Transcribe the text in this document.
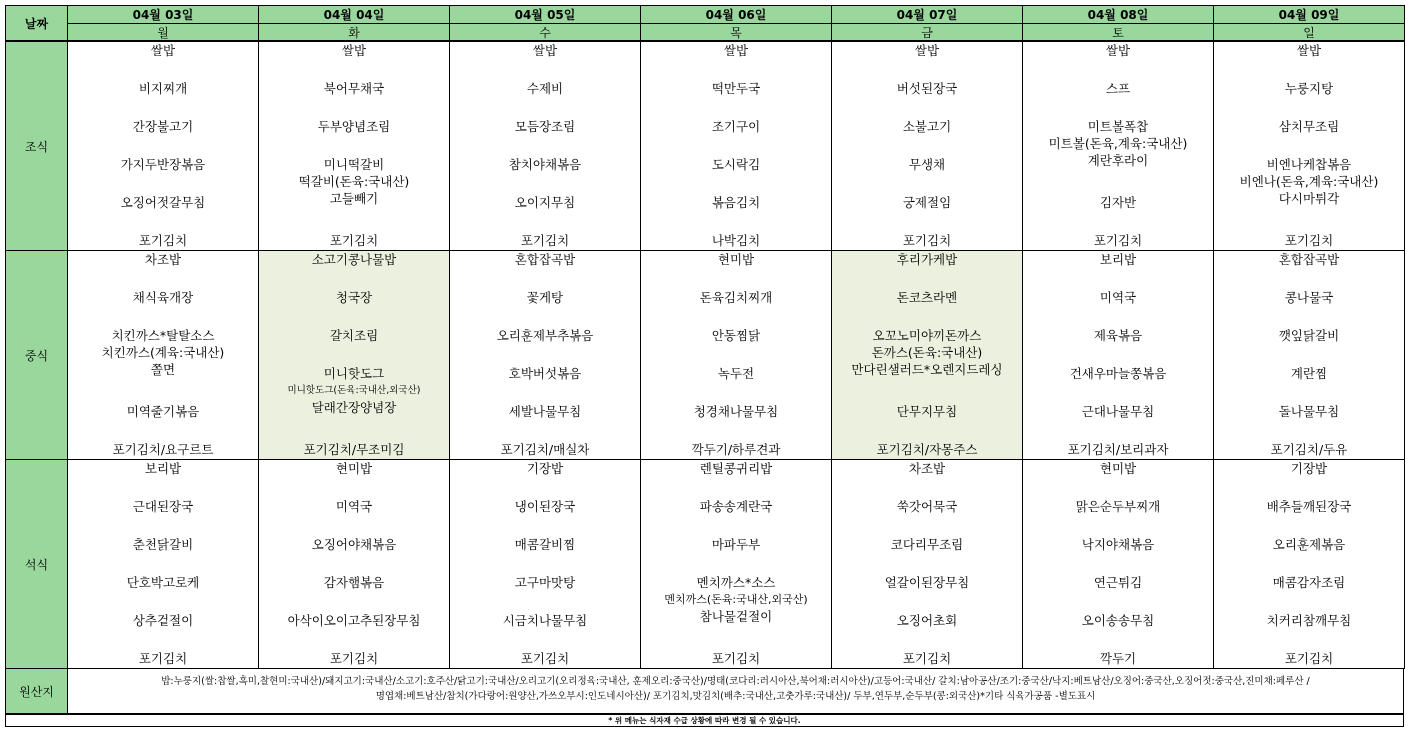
날짜
04월 03일
월
04월 04일
화
04월 05일
수
04월 06일
목
04월 07일
금
04월 08일
토
04월 09일
일
조식
쌀밥
비지찌개
간장불고기
가지두반장볶음
오징어젓갈무침
포기김치
쌀밥
북어무채국
두부양념조림
미니떡갈비
떡갈비(돈육:국내산)
고들빼기
포기김치
쌀밥
수제비
모듬장조림
참치야채볶음
오이지무침
포기김치
쌀밥
떡만두국
조기구이
도시락김
볶음김치
나박김치
쌀밥
버섯된장국
소불고기
무생채
궁제절임
포기김치
쌀밥
스프
미트볼폭찹
미트볼(돈육,계육:국내산)
계란후라이
김자반
포기김치
쌀밥
누룽지탕
삼치무조림
비엔나케찹볶음
비엔나(돈육,계육:국내산)
다시마튀각
포기김치
중식
차조밥
채식육개장
치킨까스*탈탈소스
치킨까스(계육:국내산)
쫄면
미역줄기볶음
포기김치/요구르트
소고기콩나물밥
청국장
갈치조림
미니핫도그
미니핫도그(돈육:국내산,외국산)
달래간장양념장
포기김치/무조미김
혼합잡곡밥
꽃게탕
오리훈제부추볶음
호박버섯볶음
세발나물무침
포기김치/매실차
현미밥
돈육김치찌개
안동찜닭
녹두전
청경채나물무침
깍두기/하루견과
후리가케밥
돈코츠라멘
오꼬노미야끼돈까스
돈까스(돈육:국내산)
만다린샐러드*오렌지드레싱
단무지무침
포기김치/자몽주스
보리밥
미역국
제육볶음
건새우마늘쫑볶음
근대나물무침
포기김치/보리과자
혼합잡곡밥
콩나물국
깻잎닭갈비
계란찜
돌나물무침
포기김치/두유
석식
보리밥
근대된장국
춘천닭갈비
단호박고로케
상추겉절이
포기김치
현미밥
미역국
오징어야채볶음
감자햄볶음
아삭이오이고추된장무침
포기김치
기장밥
냉이된장국
매콤갈비찜
고구마맛탕
시금치나물무침
포기김치
렌틸콩귀리밥
파송송계란국
마파두부
멘치까스*소스
멘치까스(돈육:국내산,외국산)
참나물겉절이
포기김치
차조밥
쑥갓어묵국
코다리무조림
얼갈이된장무침
오징어초회
포기김치
현미밥
맑은순두부찌개
낙지야채볶음
연근튀김
오이송송무침
깍두기
기장밥
배추들깨된장국
오리훈제볶음
매콤감자조림
치커리참깨무침
포기김치
원산지
밥:누룽지(쌀:찹쌀,흑미,찰현미:국내산)/돼지고기:국내산/소고기:호주산/닭고기:국내산/오리고기(오리정육:국내산, 훈제오리:중국산)/명태(코다리:러시아산,북어채:러시아산)/고등어:국내산/ 갈치:남아공산/조기:중국산/낙지:베트남산/오징어:중국산,오징어젓:중국산,진미채:페루산 /
명엽채:베트남산/참치(가다랑어:원양산,가쓰오부시:인도네시아산)/ 포기김치,맛김치(배추:국내산,고춧가루:국내산)/ 두부,연두부,순두부(콩:외국산)*기타 식육가공품 -별도표시
* 위 메뉴는 식자재 수급 상황에 따라 변경 될 수 있습니다.
